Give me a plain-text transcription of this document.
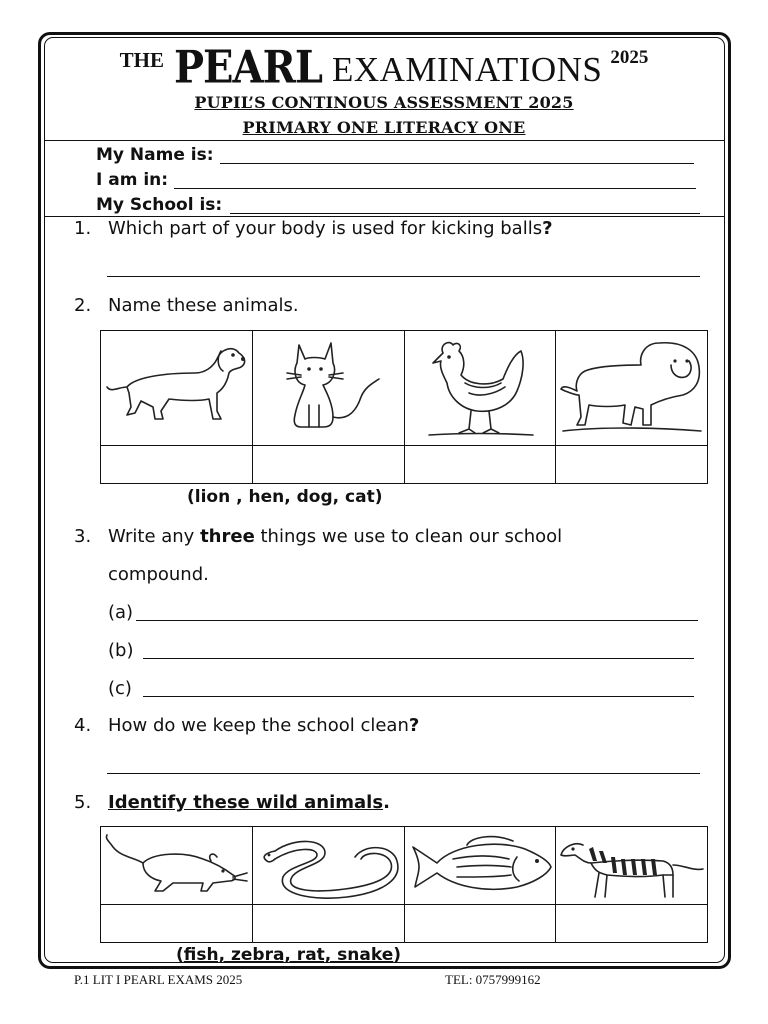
THE PEARL EXAMINATIONS 2025
PUPIL’S CONTINOUS ASSESSMENT 2025
PRIMARY ONE LITERACY ONE
My Name is:
I am in:
My School is:
1. Which part of your body is used for kicking balls?
2. Name these animals.
(lion , hen, dog, cat)
3. Write any three things we use to clean our school
compound.
(a)
(b)
(c)
4. How do we keep the school clean?
5. Identify these wild animals.
(fish, zebra, rat, snake)
P.1 LIT I PEARL EXAMS 2025	TEL: 0757999162
